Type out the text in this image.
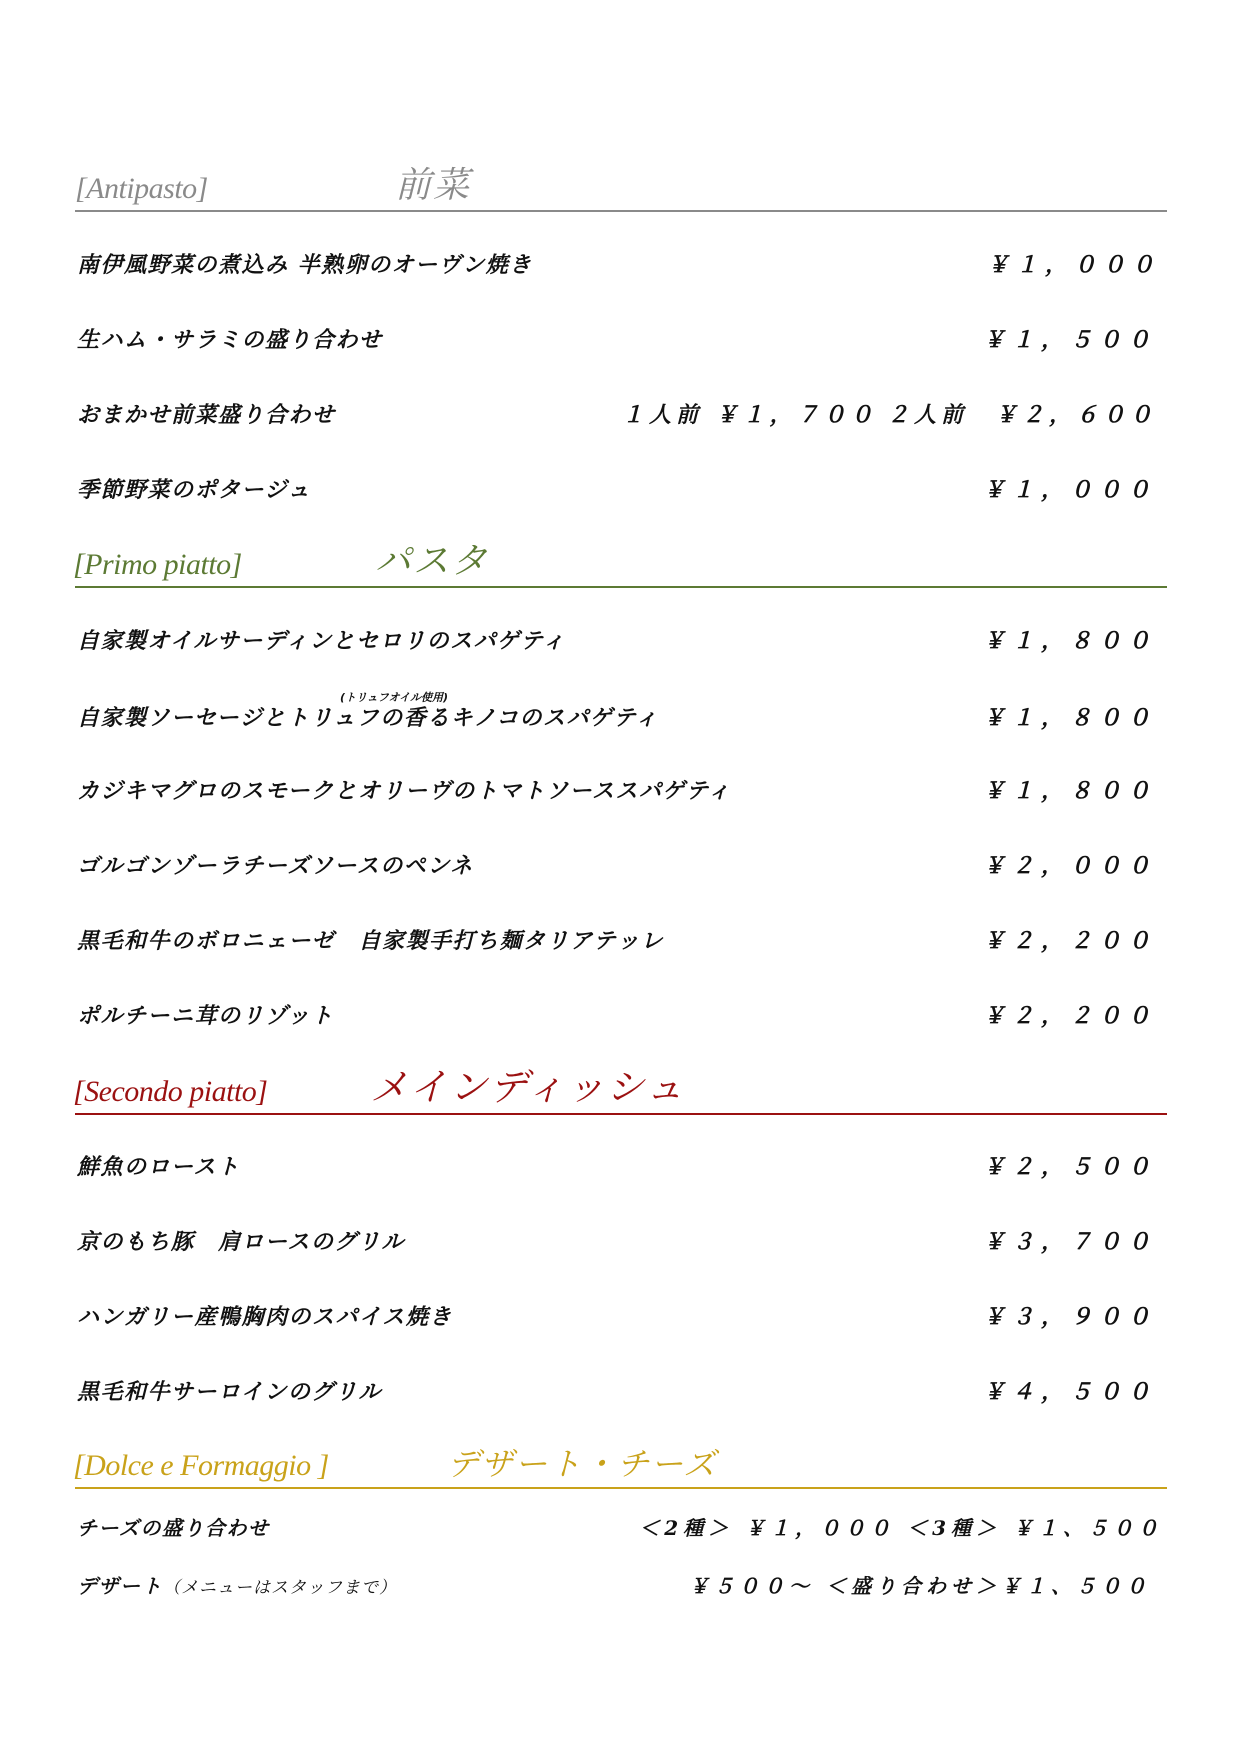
[Antipasto]	前菜
南伊風野菜の煮込み 半熟卵のオーヴン焼き	￥１，０００
生ハム・サラミの盛り合わせ	￥１，５００
おまかせ前菜盛り合わせ	１人前 ￥１，７００ ２人前　￥２，６００
季節野菜のポタージュ	￥１，０００
[Primo piatto]	パスタ
自家製オイルサーディンとセロリのスパゲティ	￥１，８００
(トリュフオイル使用)
自家製ソーセージとトリュフの香るキノコのスパゲティ	￥１，８００
カジキマグロのスモークとオリーヴのトマトソーススパゲティ	￥１，８００
ゴルゴンゾーラチーズソースのペンネ	￥２，０００
黒毛和牛のボロニェーゼ　自家製手打ち麺タリアテッレ	￥２，２００
ポルチーニ茸のリゾット	￥２，２００
[Secondo piatto]	メインディッシュ
鮮魚のロースト	￥２，５００
京のもち豚　肩ロースのグリル	￥３，７００
ハンガリー産鴨胸肉のスパイス焼き	￥３，９００
黒毛和牛サーロインのグリル	￥４，５００
[Dolce e Formaggio ]	デザート・チーズ
チーズの盛り合わせ	＜2種＞ ￥１，０００ ＜3種＞ ￥１、５００
デザート（メニューはスタッフまで）	￥５００～ ＜盛り合わせ＞￥１、５００
